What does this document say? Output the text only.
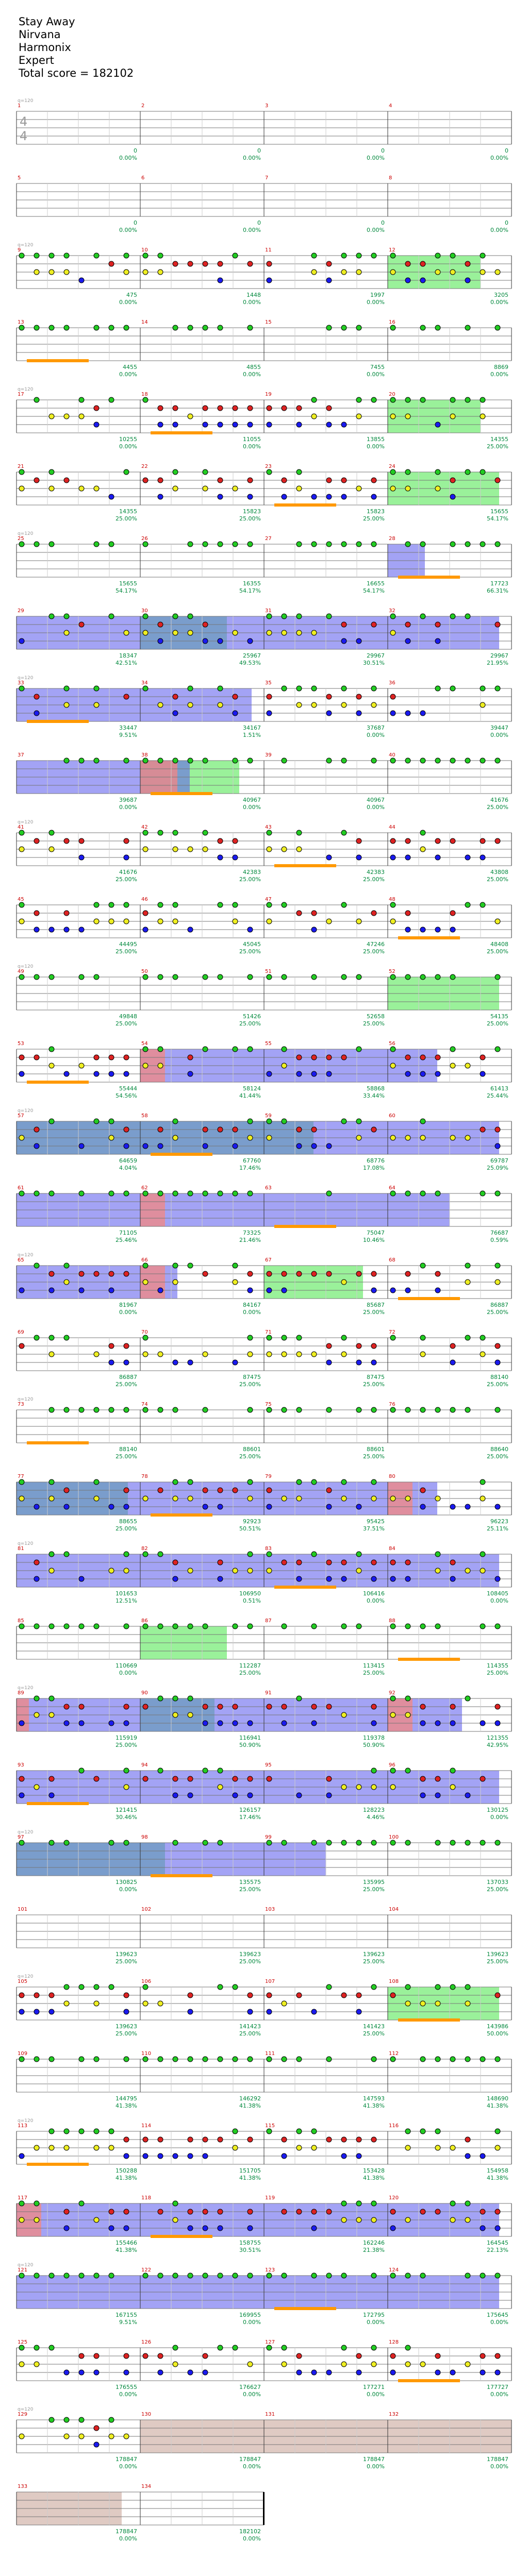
Stay Away
Nirvana
Harmonix
Expert
Total score = 182102
1
q=120
0
0.00%
2
0
0.00%
3
0
0.00%
4
0
0.00%
5
0
0.00%
6
0
0.00%
7
0
0.00%
8
0
0.00%
9
q=120
475
0.00%
10
1448
0.00%
11
1997
0.00%
12
3205
0.00%
13
4455
0.00%
14
4855
0.00%
15
7455
0.00%
16
8869
0.00%
17
q=120
10255
0.00%
18
11055
0.00%
19
13855
0.00%
20
14355
25.00%
21
14355
25.00%
22
15823
25.00%
23
15823
25.00%
24
15655
54.17%
25
q=120
15655
54.17%
26
16355
54.17%
27
16655
54.17%
28
17723
66.31%
29
18347
42.51%
30
25967
49.53%
31
29967
30.51%
32
29967
21.95%
33
q=120
33447
9.51%
34
34167
1.51%
35
37687
0.00%
36
39447
0.00%
37
39687
0.00%
38
40967
0.00%
39
40967
0.00%
40
41676
25.00%
41
q=120
41676
25.00%
42
42383
25.00%
43
42383
25.00%
44
43808
25.00%
45
44495
25.00%
46
45045
25.00%
47
47246
25.00%
48
48408
25.00%
49
q=120
49848
25.00%
50
51426
25.00%
51
52658
25.00%
52
54135
25.00%
53
55444
54.56%
54
58124
41.44%
55
58868
33.44%
56
61413
25.44%
57
q=120
64659
4.04%
58
67760
17.46%
59
68776
17.08%
60
69787
25.09%
61
71105
25.46%
62
73325
21.46%
63
75047
10.46%
64
76687
0.59%
65
q=120
81967
0.00%
66
84167
0.00%
67
85687
25.00%
68
86887
25.00%
69
86887
25.00%
70
87475
25.00%
71
87475
25.00%
72
88140
25.00%
73
q=120
88140
25.00%
74
88601
25.00%
75
88601
25.00%
76
88640
25.00%
77
88655
25.00%
78
92923
50.51%
79
95425
37.51%
80
96223
25.11%
81
q=120
101653
12.51%
82
106950
0.51%
83
106416
0.00%
84
108405
0.00%
85
110669
0.00%
86
112287
25.00%
87
113415
25.00%
88
114355
25.00%
89
q=120
115919
25.00%
90
116941
50.90%
91
119378
50.90%
92
121355
42.95%
93
121415
30.46%
94
126157
17.46%
95
128223
4.46%
96
130125
0.00%
97
q=120
130825
0.00%
98
135575
25.00%
99
135995
25.00%
100
137033
25.00%
101
139623
25.00%
102
139623
25.00%
103
139623
25.00%
104
139623
25.00%
105
q=120
139623
25.00%
106
141423
25.00%
107
141423
25.00%
108
143986
50.00%
109
144795
41.38%
110
146292
41.38%
111
147593
41.38%
112
148690
41.38%
113
q=120
150288
41.38%
114
151705
41.38%
115
153428
41.38%
116
154958
41.38%
117
155466
41.38%
118
158755
30.51%
119
162246
21.38%
120
164545
22.13%
121
q=120
167155
9.51%
122
169955
0.00%
123
172795
0.00%
124
175645
0.00%
125
176555
0.00%
126
176627
0.00%
127
177271
0.00%
128
177727
0.00%
129
q=120
178847
0.00%
130
178847
0.00%
131
178847
0.00%
132
178847
0.00%
133
178847
0.00%
134
182102
0.00%
4
4
